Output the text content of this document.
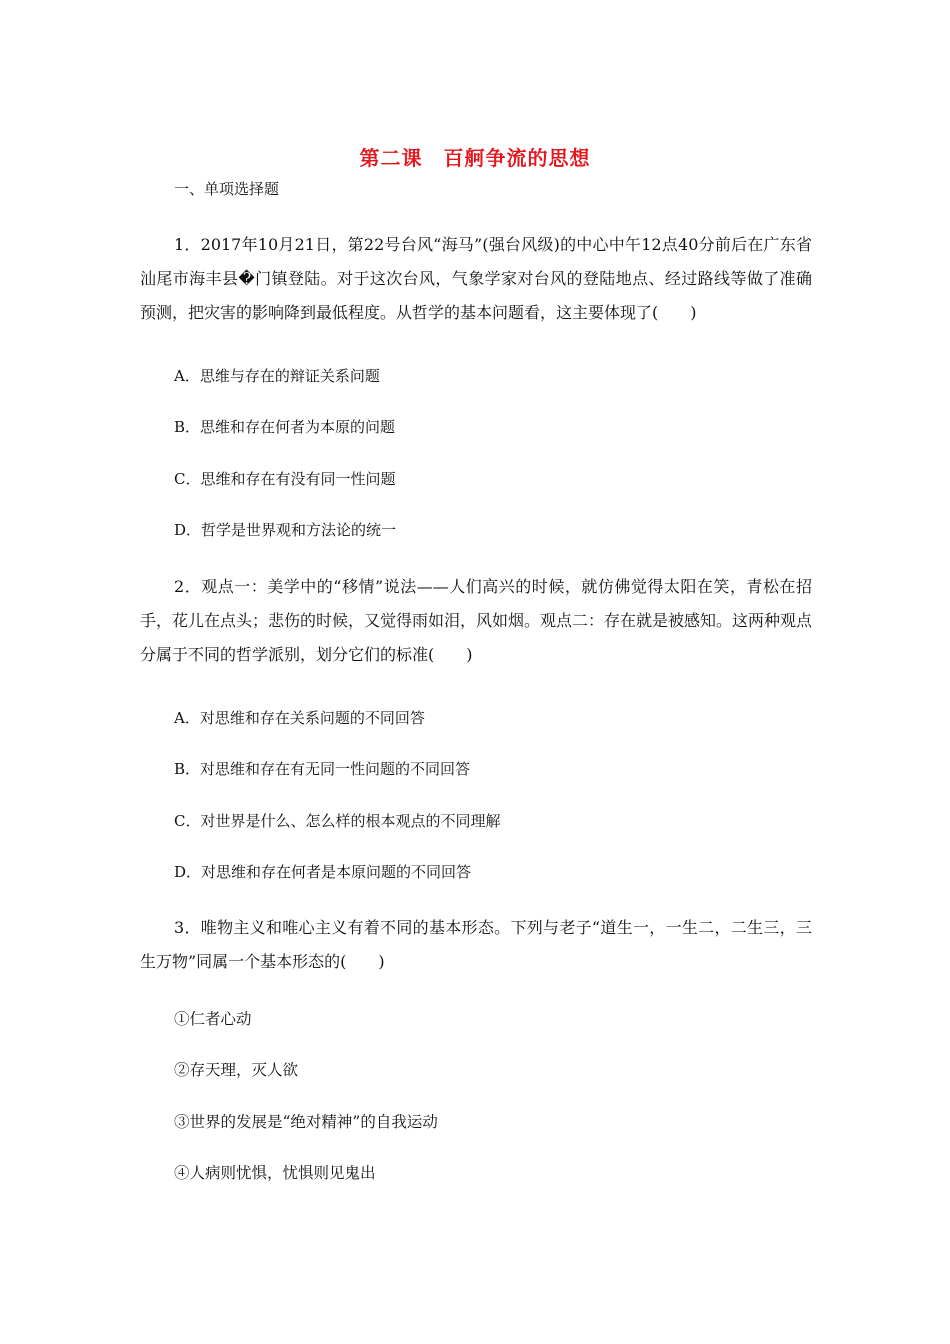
第二课　百舸争流的思想
一、单项选择题
1．2017年10月21日，第22号台风“海马”(强台风级)的中心中午12点40分前后在广东省汕尾市海丰县�门镇登陆。对于这次台风，气象学家对台风的登陆地点、经过路线等做了准确预测，把灾害的影响降到最低程度。从哲学的基本问题看，这主要体现了(　　)
A．思维与存在的辩证关系问题
B．思维和存在何者为本原的问题
C．思维和存在有没有同一性问题
D．哲学是世界观和方法论的统一
2．观点一：美学中的“移情”说法——人们高兴的时候，就仿佛觉得太阳在笑，青松在招手，花儿在点头；悲伤的时候，又觉得雨如泪，风如烟。观点二：存在就是被感知。这两种观点分属于不同的哲学派别，划分它们的标准(　　)
A．对思维和存在关系问题的不同回答
B．对思维和存在有无同一性问题的不同回答
C．对世界是什么、怎么样的根本观点的不同理解
D．对思维和存在何者是本原问题的不同回答
3．唯物主义和唯心主义有着不同的基本形态。下列与老子“道生一，一生二，二生三，三生万物”同属一个基本形态的(　　)
①仁者心动
②存天理，灭人欲
③世界的发展是“绝对精神”的自我运动
④人病则忧惧，忧惧则见鬼出
